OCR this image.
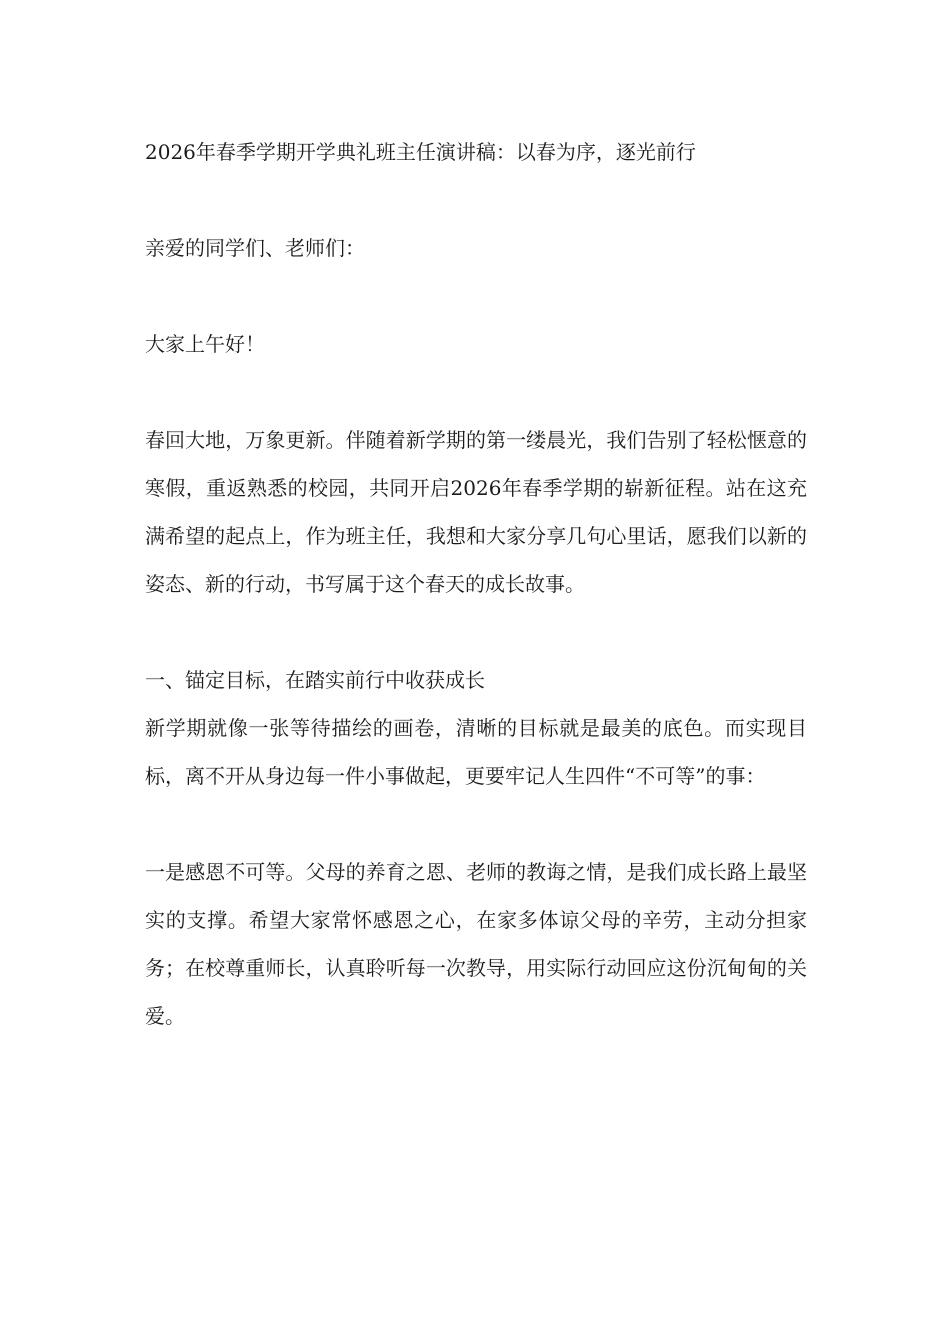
2026年春季学期开学典礼班主任演讲稿：以春为序，逐光前行

亲爱的同学们、老师们：

大家上午好！

春回大地，万象更新。伴随着新学期的第一缕晨光，我们告别了轻松惬意的寒假，重返熟悉的校园，共同开启2026年春季学期的崭新征程。站在这充满希望的起点上，作为班主任，我想和大家分享几句心里话，愿我们以新的姿态、新的行动，书写属于这个春天的成长故事。

一、锚定目标，在踏实前行中收获成长

新学期就像一张等待描绘的画卷，清晰的目标就是最美的底色。而实现目标，离不开从身边每一件小事做起，更要牢记人生四件“不可等”的事：

一是感恩不可等。父母的养育之恩、老师的教诲之情，是我们成长路上最坚实的支撑。希望大家常怀感恩之心，在家多体谅父母的辛劳，主动分担家务；在校尊重师长，认真聆听每一次教导，用实际行动回应这份沉甸甸的关爱。
